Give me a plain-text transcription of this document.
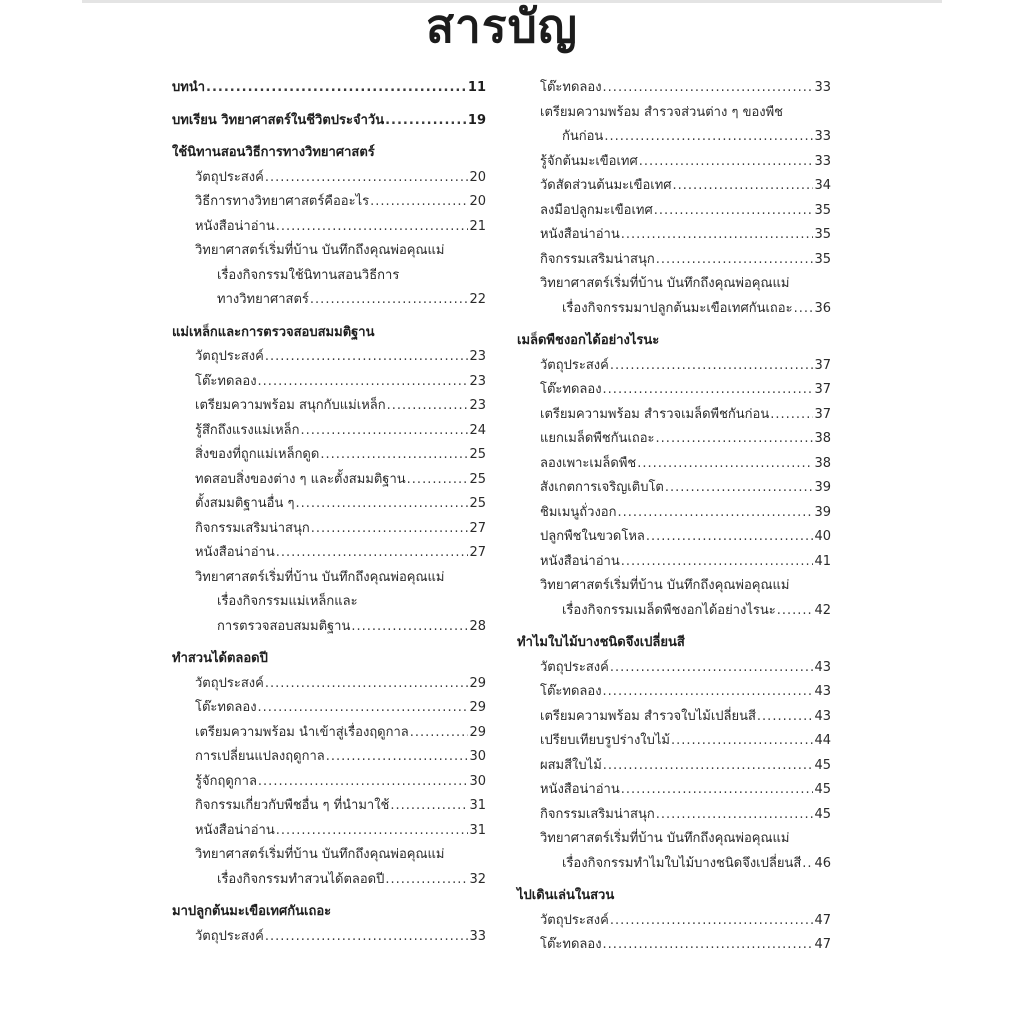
สารบัญ
บทนำ .....	11
บทเรียน วิทยาศาสตร์ในชีวิตประจำวัน .....	19
ใช้นิทานสอนวิธีการทางวิทยาศาสตร์
วัตถุประสงค์ .....	20
วิธีการทางวิทยาศาสตร์คืออะไร .....	20
หนังสือน่าอ่าน .....	21
วิทยาศาสตร์เริ่มที่บ้าน บันทึกถึงคุณพ่อคุณแม่
เรื่องกิจกรรมใช้นิทานสอนวิธีการ
ทางวิทยาศาสตร์ .....	22
แม่เหล็กและการตรวจสอบสมมติฐาน
วัตถุประสงค์ .....	23
โต๊ะทดลอง .....	23
เตรียมความพร้อม สนุกกับแม่เหล็ก .....	23
รู้สึกถึงแรงแม่เหล็ก .....	24
สิ่งของที่ถูกแม่เหล็กดูด .....	25
ทดสอบสิ่งของต่าง ๆ และตั้งสมมติฐาน .....	25
ตั้งสมมติฐานอื่น ๆ .....	25
กิจกรรมเสริมน่าสนุก .....	27
หนังสือน่าอ่าน .....	27
วิทยาศาสตร์เริ่มที่บ้าน บันทึกถึงคุณพ่อคุณแม่
เรื่องกิจกรรมแม่เหล็กและ
การตรวจสอบสมมติฐาน .....	28
ทำสวนได้ตลอดปี
วัตถุประสงค์ .....	29
โต๊ะทดลอง .....	29
เตรียมความพร้อม นำเข้าสู่เรื่องฤดูกาล .....	29
การเปลี่ยนแปลงฤดูกาล .....	30
รู้จักฤดูกาล .....	30
กิจกรรมเกี่ยวกับพืชอื่น ๆ ที่นำมาใช้ .....	31
หนังสือน่าอ่าน .....	31
วิทยาศาสตร์เริ่มที่บ้าน บันทึกถึงคุณพ่อคุณแม่
เรื่องกิจกรรมทำสวนได้ตลอดปี .....	32
มาปลูกต้นมะเขือเทศกันเถอะ
วัตถุประสงค์ .....	33
โต๊ะทดลอง .....	33
เตรียมความพร้อม สำรวจส่วนต่าง ๆ ของพืช
กันก่อน .....	33
รู้จักต้นมะเขือเทศ .....	33
วัดสัดส่วนต้นมะเขือเทศ .....	34
ลงมือปลูกมะเขือเทศ .....	35
หนังสือน่าอ่าน .....	35
กิจกรรมเสริมน่าสนุก .....	35
วิทยาศาสตร์เริ่มที่บ้าน บันทึกถึงคุณพ่อคุณแม่
เรื่องกิจกรรมมาปลูกต้นมะเขือเทศกันเถอะ ..... 36
เมล็ดพืชงอกได้อย่างไรนะ
วัตถุประสงค์ .....	37
โต๊ะทดลอง .....	37
เตรียมความพร้อม สำรวจเมล็ดพืชกันก่อน .....	37
แยกเมล็ดพืชกันเถอะ .....	38
ลองเพาะเมล็ดพืช .....	38
สังเกตการเจริญเติบโต .....	39
ชิมเมนูถั่วงอก .....	39
ปลูกพืชในขวดโหล .....	40
หนังสือน่าอ่าน .....	41
วิทยาศาสตร์เริ่มที่บ้าน บันทึกถึงคุณพ่อคุณแม่
เรื่องกิจกรรมเมล็ดพืชงอกได้อย่างไรนะ .....	42
ทำไมใบไม้บางชนิดจึงเปลี่ยนสี
วัตถุประสงค์ .....	43
โต๊ะทดลอง .....	43
เตรียมความพร้อม สำรวจใบไม้เปลี่ยนสี .....	43
เปรียบเทียบรูปร่างใบไม้ .....	44
ผสมสีใบไม้ .....	45
หนังสือน่าอ่าน .....	45
กิจกรรมเสริมน่าสนุก .....	45
วิทยาศาสตร์เริ่มที่บ้าน บันทึกถึงคุณพ่อคุณแม่
เรื่องกิจกรรมทำไมใบไม้บางชนิดจึงเปลี่ยนสี ..... 46
ไปเดินเล่นในสวน
วัตถุประสงค์ .....	47
โต๊ะทดลอง .....	47
